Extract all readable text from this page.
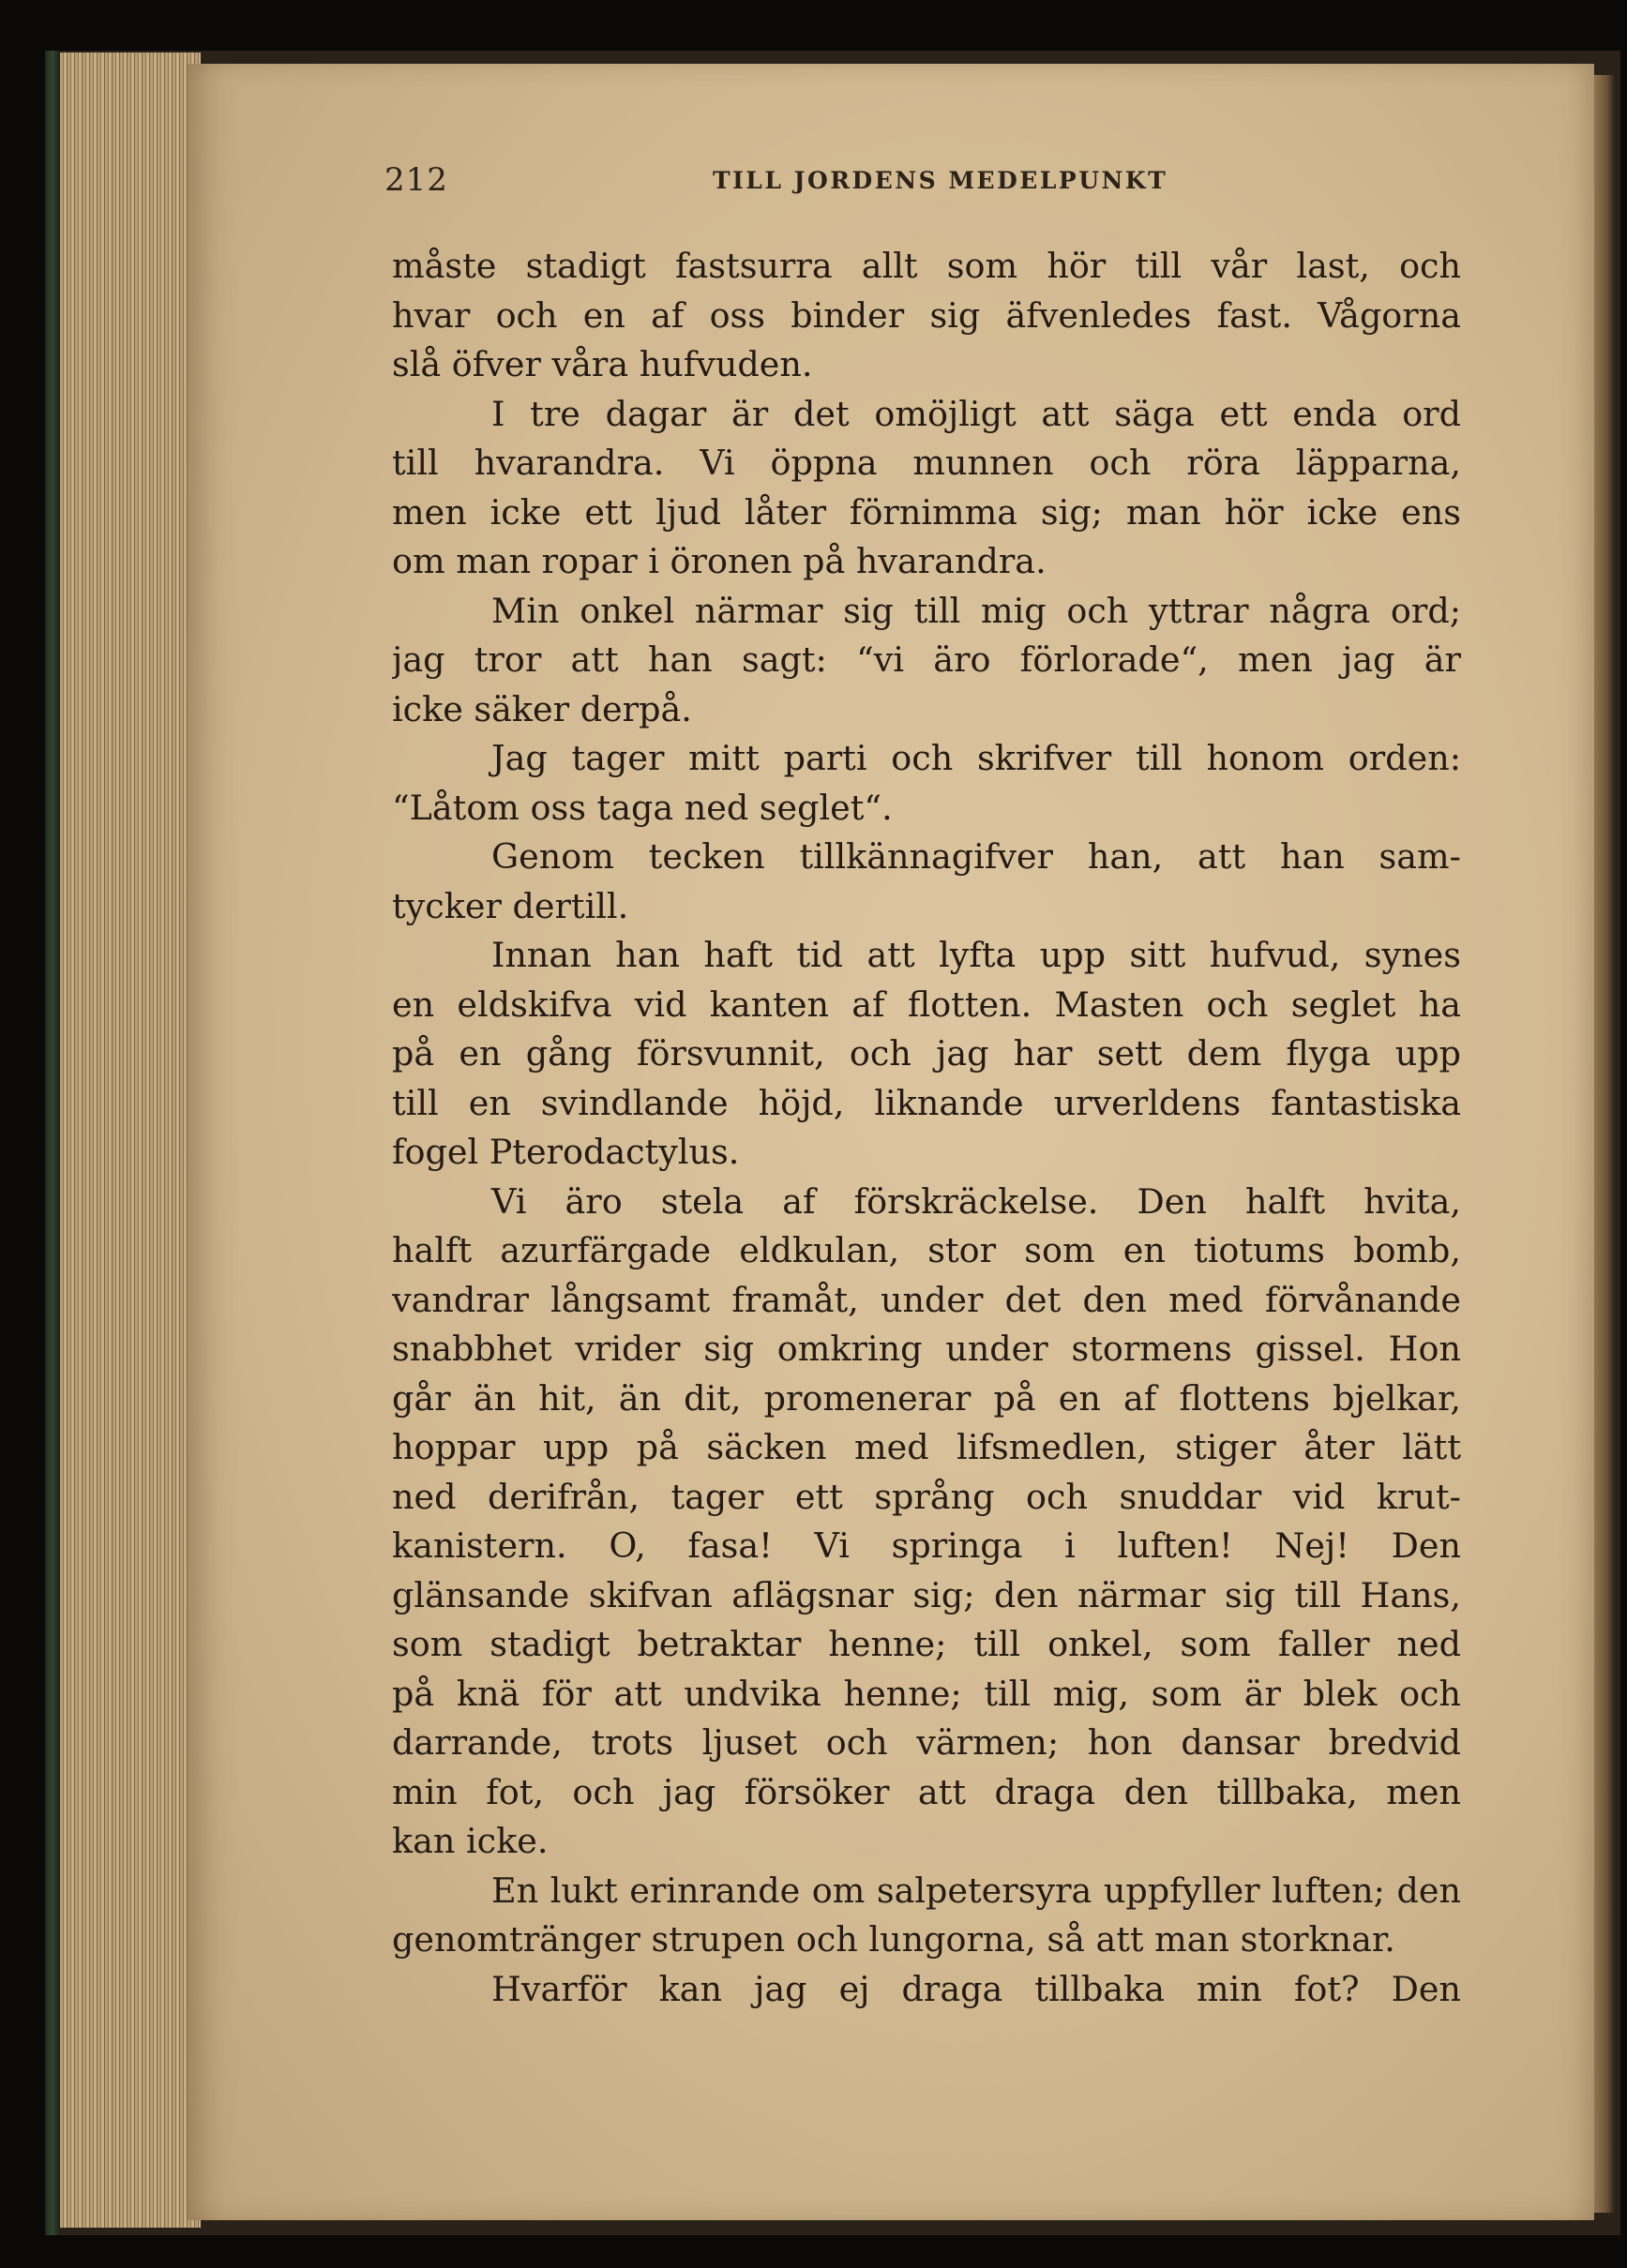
212	TILL JORDENS MEDELPUNKT
måste stadigt fastsurra allt som hör till vår last, och
hvar och en af oss binder sig äfvenledes fast. Vågorna
slå öfver våra hufvuden.
I tre dagar är det omöjligt att säga ett enda ord
till hvarandra. Vi öppna munnen och röra läpparna,
men icke ett ljud låter förnimma sig; man hör icke ens
om man ropar i öronen på hvarandra.
Min onkel närmar sig till mig och yttrar några ord;
jag tror att han sagt: “vi äro förlorade“, men jag är
icke säker derpå.
Jag tager mitt parti och skrifver till honom orden:
“Låtom oss taga ned seglet“.
Genom tecken tillkännagifver han, att han sam-
tycker dertill.
Innan han haft tid att lyfta upp sitt hufvud, synes
en eldskifva vid kanten af flotten. Masten och seglet ha
på en gång försvunnit, och jag har sett dem flyga upp
till en svindlande höjd, liknande urverldens fantastiska
fogel Pterodactylus.
Vi äro stela af förskräckelse. Den halft hvita,
halft azurfärgade eldkulan, stor som en tiotums bomb,
vandrar långsamt framåt, under det den med förvånande
snabbhet vrider sig omkring under stormens gissel. Hon
går än hit, än dit, promenerar på en af flottens bjelkar,
hoppar upp på säcken med lifsmedlen, stiger åter lätt
ned derifrån, tager ett språng och snuddar vid krut-
kanistern. O, fasa! Vi springa i luften! Nej! Den
glänsande skifvan aflägsnar sig; den närmar sig till Hans,
som stadigt betraktar henne; till onkel, som faller ned
på knä för att undvika henne; till mig, som är blek och
darrande, trots ljuset och värmen; hon dansar bredvid
min fot, och jag försöker att draga den tillbaka, men
kan icke.
En lukt erinrande om salpetersyra uppfyller luften; den
genomtränger strupen och lungorna, så att man storknar.
Hvarför kan jag ej draga tillbaka min fot? Den
